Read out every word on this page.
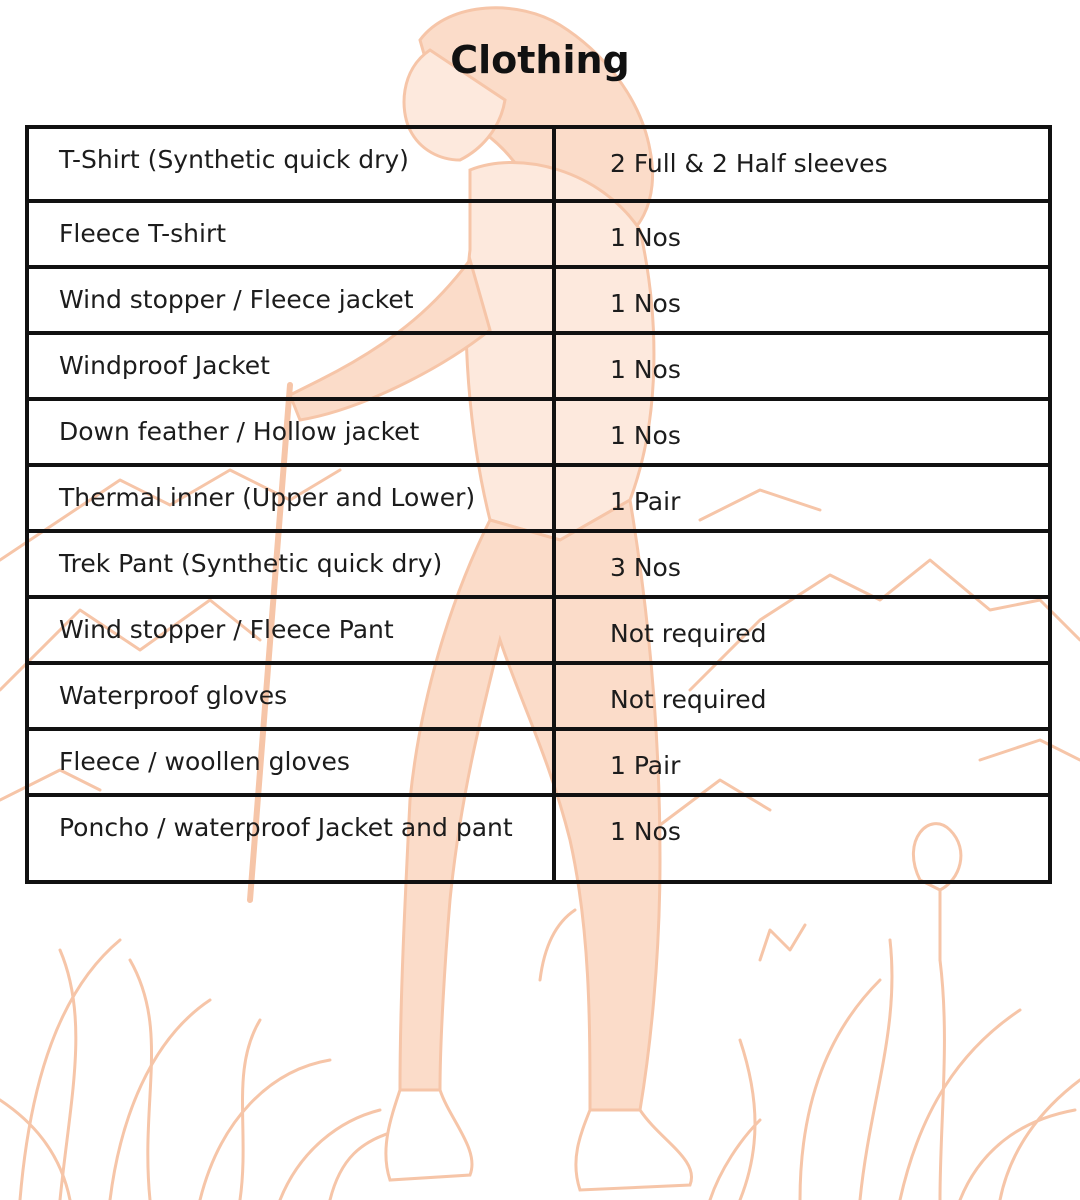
Clothing
T-Shirt (Synthetic quick dry)	2 Full & 2 Half sleeves
Fleece T-shirt	1 Nos
Wind stopper / Fleece jacket	1 Nos
Windproof Jacket	1 Nos
Down feather / Hollow jacket	1 Nos
Thermal inner (Upper and Lower)	1 Pair
Trek Pant (Synthetic quick dry)	3 Nos
Wind stopper / Fleece Pant	Not required
Waterproof gloves	Not required
Fleece / woollen gloves	1 Pair
Poncho / waterproof Jacket and pant	1 Nos
